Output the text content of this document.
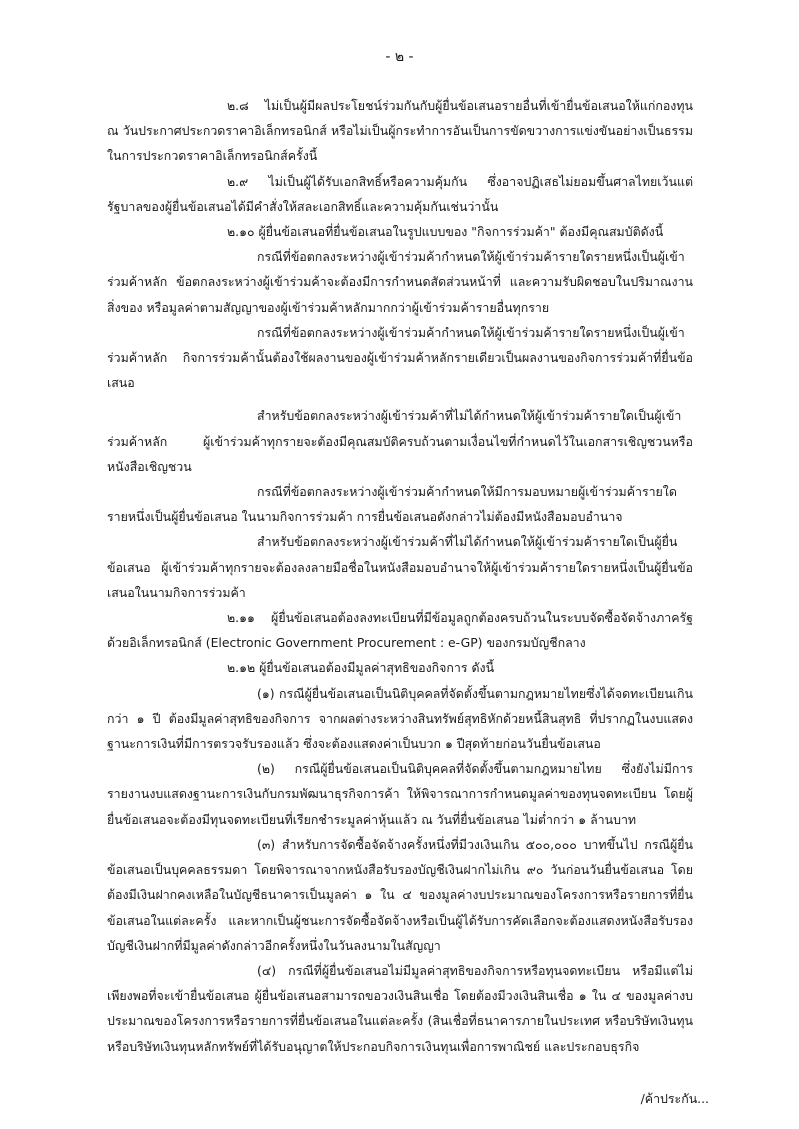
- ๒ -

๒.๘ ไม่เป็นผู้มีผลประโยชน์ร่วมกันกับผู้ยื่นข้อเสนอรายอื่นที่เข้ายื่นข้อเสนอให้แก่กองทุน ณ วันประกาศประกวดราคาอิเล็กทรอนิกส์ หรือไม่เป็นผู้กระทำการอันเป็นการขัดขวางการแข่งขันอย่างเป็นธรรมในการประกวดราคาอิเล็กทรอนิกส์ครั้งนี้

๒.๙ ไม่เป็นผู้ได้รับเอกสิทธิ์หรือความคุ้มกัน ซึ่งอาจปฏิเสธไม่ยอมขึ้นศาลไทยเว้นแต่รัฐบาลของผู้ยื่นข้อเสนอได้มีคำสั่งให้สละเอกสิทธิ์และความคุ้มกันเช่นว่านั้น

๒.๑๐ ผู้ยื่นข้อเสนอที่ยื่นข้อเสนอในรูปแบบของ "กิจการร่วมค้า" ต้องมีคุณสมบัติดังนี้

กรณีที่ข้อตกลงระหว่างผู้เข้าร่วมค้ากำหนดให้ผู้เข้าร่วมค้ารายใดรายหนึ่งเป็นผู้เข้าร่วมค้าหลัก ข้อตกลงระหว่างผู้เข้าร่วมค้าจะต้องมีการกำหนดสัดส่วนหน้าที่ และความรับผิดชอบในปริมาณงาน สิ่งของ หรือมูลค่าตามสัญญาของผู้เข้าร่วมค้าหลักมากกว่าผู้เข้าร่วมค้ารายอื่นทุกราย

กรณีที่ข้อตกลงระหว่างผู้เข้าร่วมค้ากำหนดให้ผู้เข้าร่วมค้ารายใดรายหนึ่งเป็นผู้เข้าร่วมค้าหลัก กิจการร่วมค้านั้นต้องใช้ผลงานของผู้เข้าร่วมค้าหลักรายเดียวเป็นผลงานของกิจการร่วมค้าที่ยื่นข้อเสนอ

สำหรับข้อตกลงระหว่างผู้เข้าร่วมค้าที่ไม่ได้กำหนดให้ผู้เข้าร่วมค้ารายใดเป็นผู้เข้าร่วมค้าหลัก ผู้เข้าร่วมค้าทุกรายจะต้องมีคุณสมบัติครบถ้วนตามเงื่อนไขที่กำหนดไว้ในเอกสารเชิญชวนหรือหนังสือเชิญชวน

กรณีที่ข้อตกลงระหว่างผู้เข้าร่วมค้ากำหนดให้มีการมอบหมายผู้เข้าร่วมค้ารายใดรายหนึ่งเป็นผู้ยื่นข้อเสนอ ในนามกิจการร่วมค้า การยื่นข้อเสนอดังกล่าวไม่ต้องมีหนังสือมอบอำนาจ

สำหรับข้อตกลงระหว่างผู้เข้าร่วมค้าที่ไม่ได้กำหนดให้ผู้เข้าร่วมค้ารายใดเป็นผู้ยื่นข้อเสนอ ผู้เข้าร่วมค้าทุกรายจะต้องลงลายมือชื่อในหนังสือมอบอำนาจให้ผู้เข้าร่วมค้ารายใดรายหนึ่งเป็นผู้ยื่นข้อเสนอในนามกิจการร่วมค้า

๒.๑๑ ผู้ยื่นข้อเสนอต้องลงทะเบียนที่มีข้อมูลถูกต้องครบถ้วนในระบบจัดซื้อจัดจ้างภาครัฐด้วยอิเล็กทรอนิกส์ (Electronic Government Procurement : e-GP) ของกรมบัญชีกลาง

๒.๑๒ ผู้ยื่นข้อเสนอต้องมีมูลค่าสุทธิของกิจการ ดังนี้

(๑) กรณีผู้ยื่นข้อเสนอเป็นนิติบุคคลที่จัดตั้งขึ้นตามกฎหมายไทยซึ่งได้จดทะเบียนเกินกว่า ๑ ปี ต้องมีมูลค่าสุทธิของกิจการ จากผลต่างระหว่างสินทรัพย์สุทธิหักด้วยหนี้สินสุทธิ ที่ปรากฏในงบแสดงฐานะการเงินที่มีการตรวจรับรองแล้ว ซึ่งจะต้องแสดงค่าเป็นบวก ๑ ปีสุดท้ายก่อนวันยื่นข้อเสนอ

(๒) กรณีผู้ยื่นข้อเสนอเป็นนิติบุคคลที่จัดตั้งขึ้นตามกฎหมายไทย ซึ่งยังไม่มีการรายงานงบแสดงฐานะการเงินกับกรมพัฒนาธุรกิจการค้า ให้พิจารณาการกำหนดมูลค่าของทุนจดทะเบียน โดยผู้ยื่นข้อเสนอจะต้องมีทุนจดทะเบียนที่เรียกชำระมูลค่าหุ้นแล้ว ณ วันที่ยื่นข้อเสนอ ไม่ต่ำกว่า ๑ ล้านบาท

(๓) สำหรับการจัดซื้อจัดจ้างครั้งหนึ่งที่มีวงเงินเกิน ๕๐๐,๐๐๐ บาทขึ้นไป กรณีผู้ยื่นข้อเสนอเป็นบุคคลธรรมดา โดยพิจารณาจากหนังสือรับรองบัญชีเงินฝากไม่เกิน ๙๐ วันก่อนวันยื่นข้อเสนอ โดยต้องมีเงินฝากคงเหลือในบัญชีธนาคารเป็นมูลค่า ๑ ใน ๔ ของมูลค่างบประมาณของโครงการหรือรายการที่ยื่นข้อเสนอในแต่ละครั้ง และหากเป็นผู้ชนะการจัดซื้อจัดจ้างหรือเป็นผู้ได้รับการคัดเลือกจะต้องแสดงหนังสือรับรองบัญชีเงินฝากที่มีมูลค่าดังกล่าวอีกครั้งหนึ่งในวันลงนามในสัญญา

(๔) กรณีที่ผู้ยื่นข้อเสนอไม่มีมูลค่าสุทธิของกิจการหรือทุนจดทะเบียน หรือมีแต่ไม่เพียงพอที่จะเข้ายื่นข้อเสนอ ผู้ยื่นข้อเสนอสามารถขอวงเงินสินเชื่อ โดยต้องมีวงเงินสินเชื่อ ๑ ใน ๔ ของมูลค่างบประมาณของโครงการหรือรายการที่ยื่นข้อเสนอในแต่ละครั้ง (สินเชื่อที่ธนาคารภายในประเทศ หรือบริษัทเงินทุนหรือบริษัทเงินทุนหลักทรัพย์ที่ได้รับอนุญาตให้ประกอบกิจการเงินทุนเพื่อการพาณิชย์ และประกอบธุรกิจ

/ค้าประกัน...
